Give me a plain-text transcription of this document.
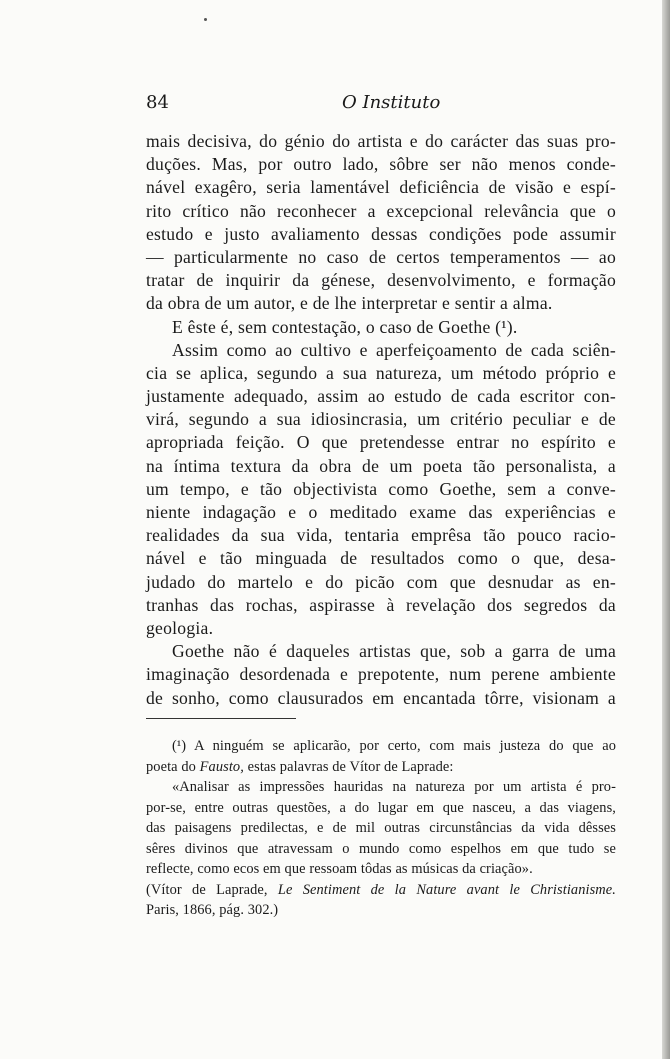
84	O Instituto
mais decisiva, do génio do artista e do carácter das suas pro-
duções. Mas, por outro lado, sôbre ser não menos conde-
nável exagêro, seria lamentável deficiência de visão e espí-
rito crítico não reconhecer a excepcional relevância que o
estudo e justo avaliamento dessas condições pode assumir
— particularmente no caso de certos temperamentos — ao
tratar de inquirir da génese, desenvolvimento, e formação
da obra de um autor, e de lhe interpretar e sentir a alma.
E êste é, sem contestação, o caso de Goethe (¹).
Assim como ao cultivo e aperfeiçoamento de cada sciên-
cia se aplica, segundo a sua natureza, um método próprio e
justamente adequado, assim ao estudo de cada escritor con-
virá, segundo a sua idiosincrasia, um critério peculiar e de
apropriada feição. O que pretendesse entrar no espírito e
na íntima textura da obra de um poeta tão personalista, a
um tempo, e tão objectivista como Goethe, sem a conve-
niente indagação e o meditado exame das experiências e
realidades da sua vida, tentaria emprêsa tão pouco racio-
nável e tão minguada de resultados como o que, desa-
judado do martelo e do picão com que desnudar as en-
tranhas das rochas, aspirasse à revelação dos segredos da
geologia.
Goethe não é daqueles artistas que, sob a garra de uma
imaginação desordenada e prepotente, num perene ambiente
de sonho, como clausurados em encantada tôrre, visionam a
(¹) A ninguém se aplicarão, por certo, com mais justeza do que ao
poeta do Fausto, estas palavras de Vítor de Laprade:
«Analisar as impressões hauridas na natureza por um artista é pro-
por-se, entre outras questões, a do lugar em que nasceu, a das viagens,
das paisagens predilectas, e de mil outras circunstâncias da vida dêsses
sêres divinos que atravessam o mundo como espelhos em que tudo se
reflecte, como ecos em que ressoam tôdas as músicas da criação».
(Vítor de Laprade, Le Sentiment de la Nature avant le Christianisme.
Paris, 1866, pág. 302.)
